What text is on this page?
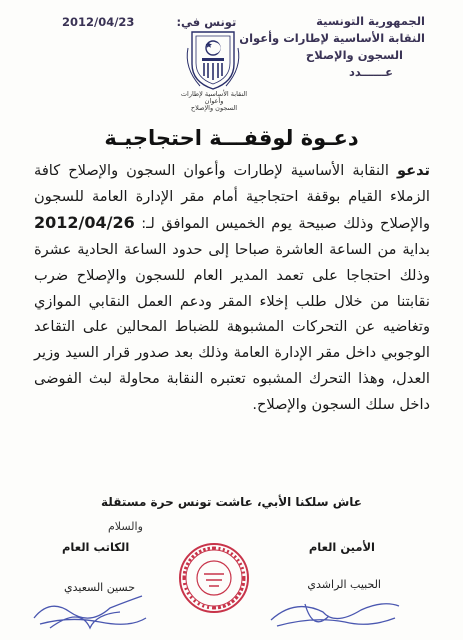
الجمهورية التونسية
النقابة الأساسية لإطارات وأعوان
السجون والإصلاح
عــــــدد
تونس في:  2012/04/23
النقابة الأساسية لإطارات وأعوان
السجون والإصلاح
دعـوة لوقفـــة احتجاجيـة
تدعو النقابة الأساسية لإطارات وأعوان السجون والإصلاح كافة الزملاء القيام بوقفة احتجاجية أمام مقر الإدارة العامة للسجون والإصلاح وذلك صبيحة يوم الخميس الموافق لـ: 2012/04/26 بداية من الساعة العاشرة صباحا إلى حدود الساعة الحادية عشرة وذلك احتجاجا على تعمد المدير العام للسجون والإصلاح ضرب نقابتنا من خلال طلب إخلاء المقر ودعم العمل النقابي الموازي وتغاضيه عن التحركات المشبوهة للضباط المحالين على التقاعد الوجوبي داخل مقر الإدارة العامة وذلك بعد صدور قرار السيد وزير العدل، وهذا التحرك المشبوه تعتبره النقابة محاولة لبث الفوضى داخل سلك السجون والإصلاح.
عاش سلكنا الأبي، عاشت تونس حرة مستقلة
والسلام
الكاتب العام	الأمين العام
حسين السعيدي	الحبيب الراشدي
